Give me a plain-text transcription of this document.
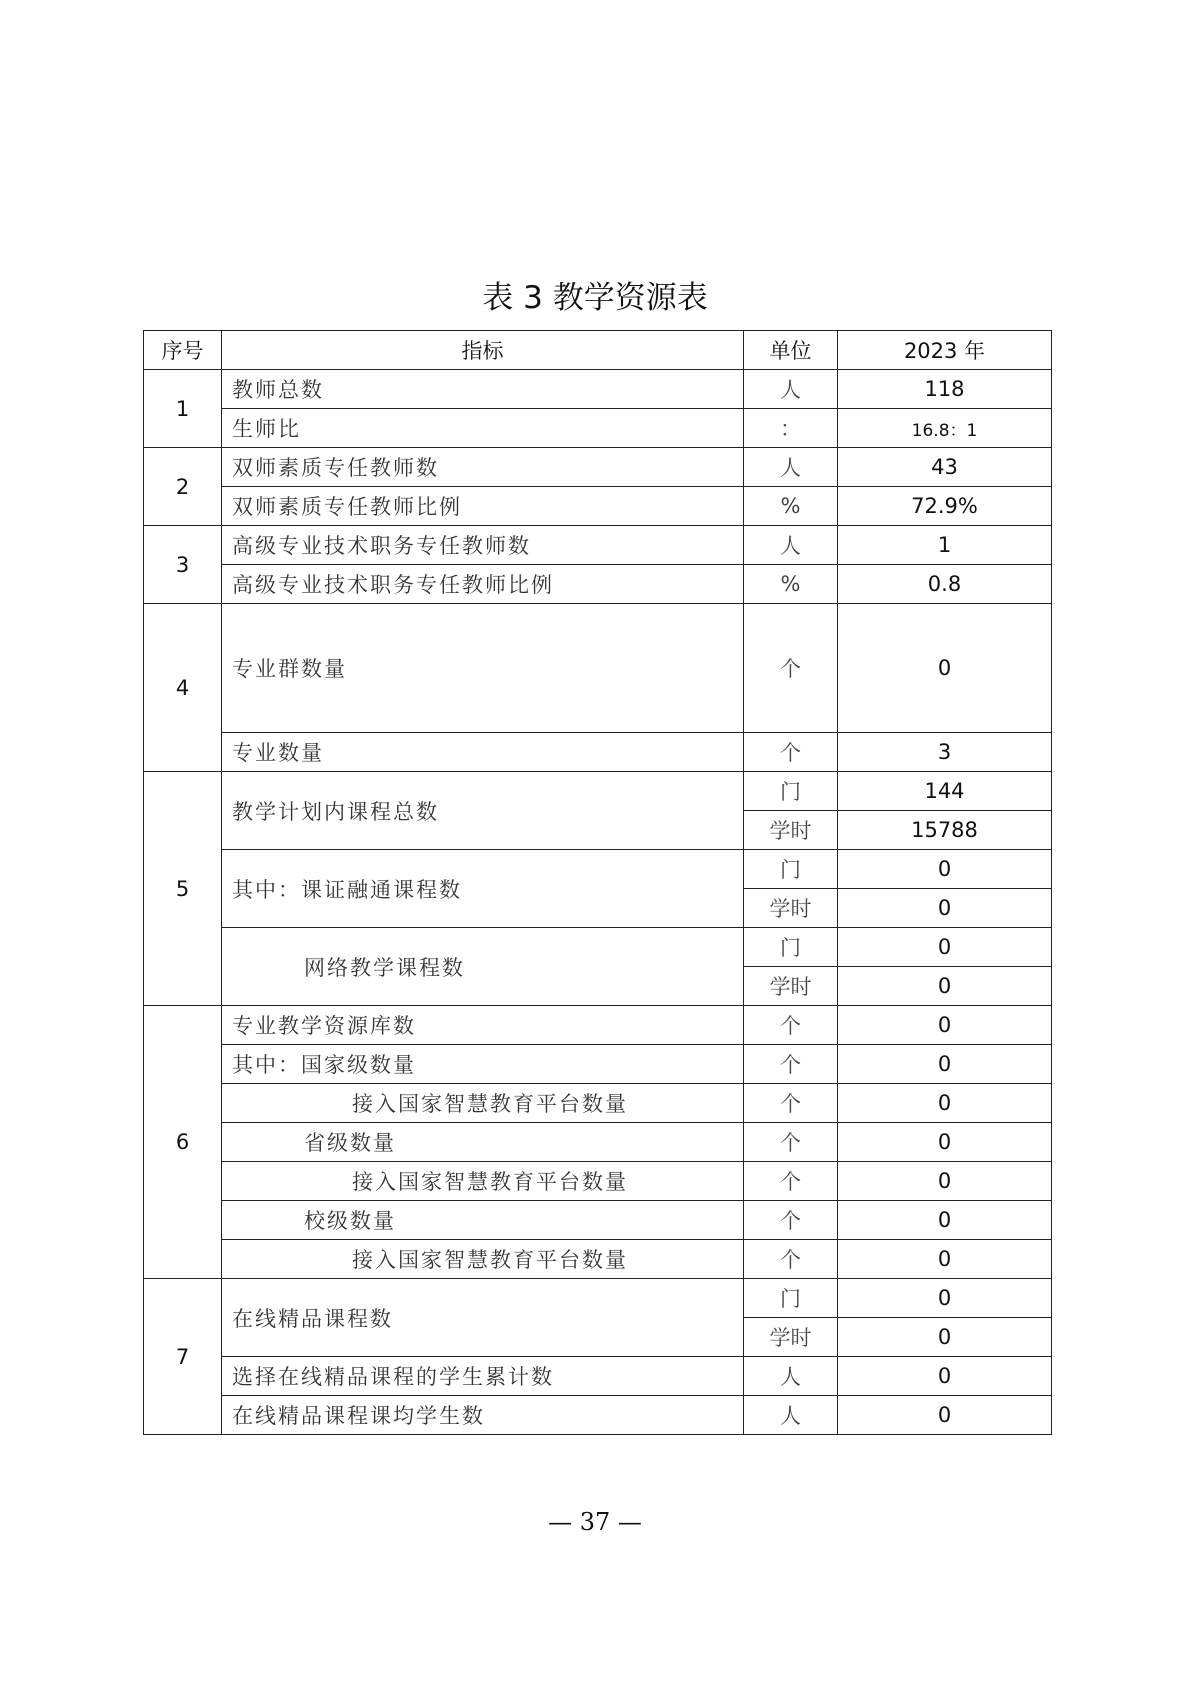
表 3 教学资源表
序号	指标	单位	2023 年
1	教师总数	人	118
	生师比	：	16.8：1
2	双师素质专任教师数	人	43
	双师素质专任教师比例	%	72.9%
3	高级专业技术职务专任教师数	人	1
	高级专业技术职务专任教师比例	%	0.8
4	专业群数量	个	0
	专业数量	个	3
5	教学计划内课程总数	门	144
		学时	15788
	其中：课证融通课程数	门	0
		学时	0
	网络教学课程数	门	0
		学时	0
6	专业教学资源库数	个	0
	其中：国家级数量	个	0
	接入国家智慧教育平台数量	个	0
	省级数量	个	0
	接入国家智慧教育平台数量	个	0
	校级数量	个	0
	接入国家智慧教育平台数量	个	0
7	在线精品课程数	门	0
		学时	0
	选择在线精品课程的学生累计数	人	0
	在线精品课程课均学生数	人	0
— 37 —
